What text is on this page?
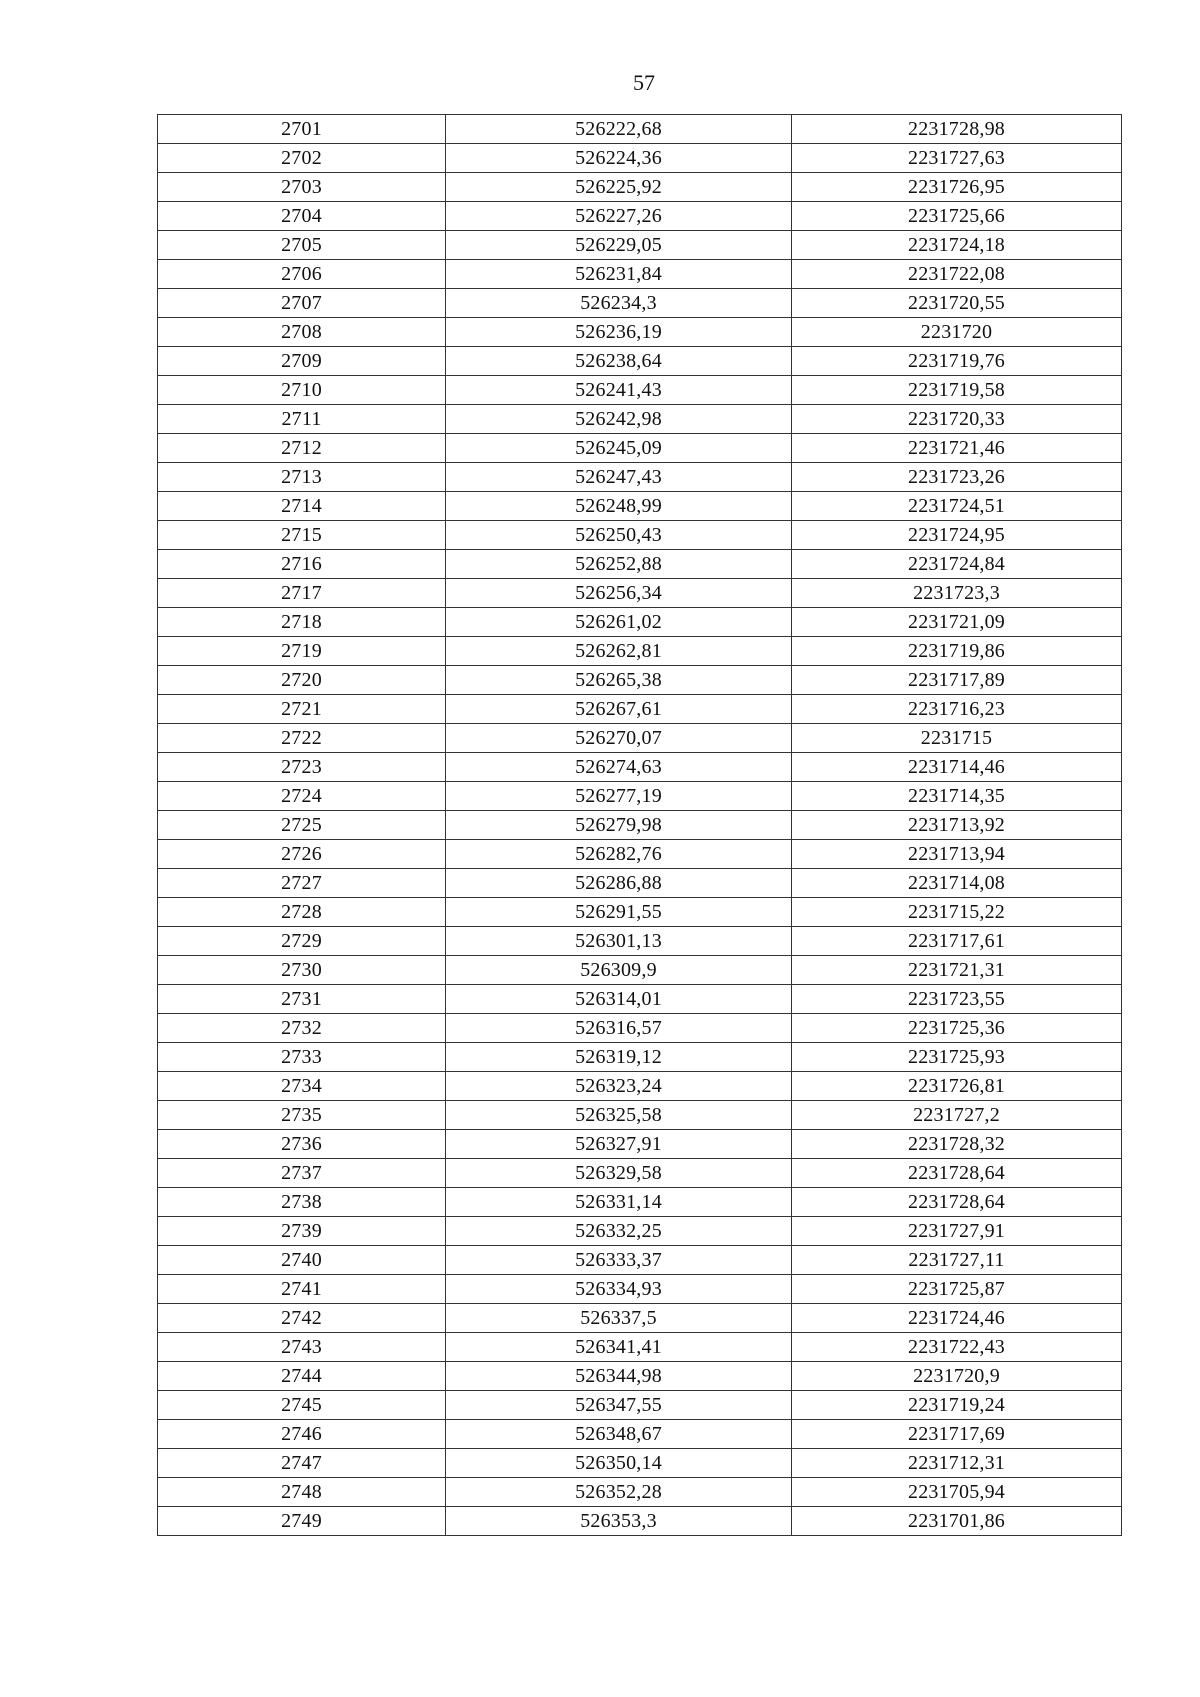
57
2701	526222,68	2231728,98
2702	526224,36	2231727,63
2703	526225,92	2231726,95
2704	526227,26	2231725,66
2705	526229,05	2231724,18
2706	526231,84	2231722,08
2707	526234,3	2231720,55
2708	526236,19	2231720
2709	526238,64	2231719,76
2710	526241,43	2231719,58
2711	526242,98	2231720,33
2712	526245,09	2231721,46
2713	526247,43	2231723,26
2714	526248,99	2231724,51
2715	526250,43	2231724,95
2716	526252,88	2231724,84
2717	526256,34	2231723,3
2718	526261,02	2231721,09
2719	526262,81	2231719,86
2720	526265,38	2231717,89
2721	526267,61	2231716,23
2722	526270,07	2231715
2723	526274,63	2231714,46
2724	526277,19	2231714,35
2725	526279,98	2231713,92
2726	526282,76	2231713,94
2727	526286,88	2231714,08
2728	526291,55	2231715,22
2729	526301,13	2231717,61
2730	526309,9	2231721,31
2731	526314,01	2231723,55
2732	526316,57	2231725,36
2733	526319,12	2231725,93
2734	526323,24	2231726,81
2735	526325,58	2231727,2
2736	526327,91	2231728,32
2737	526329,58	2231728,64
2738	526331,14	2231728,64
2739	526332,25	2231727,91
2740	526333,37	2231727,11
2741	526334,93	2231725,87
2742	526337,5	2231724,46
2743	526341,41	2231722,43
2744	526344,98	2231720,9
2745	526347,55	2231719,24
2746	526348,67	2231717,69
2747	526350,14	2231712,31
2748	526352,28	2231705,94
2749	526353,3	2231701,86
